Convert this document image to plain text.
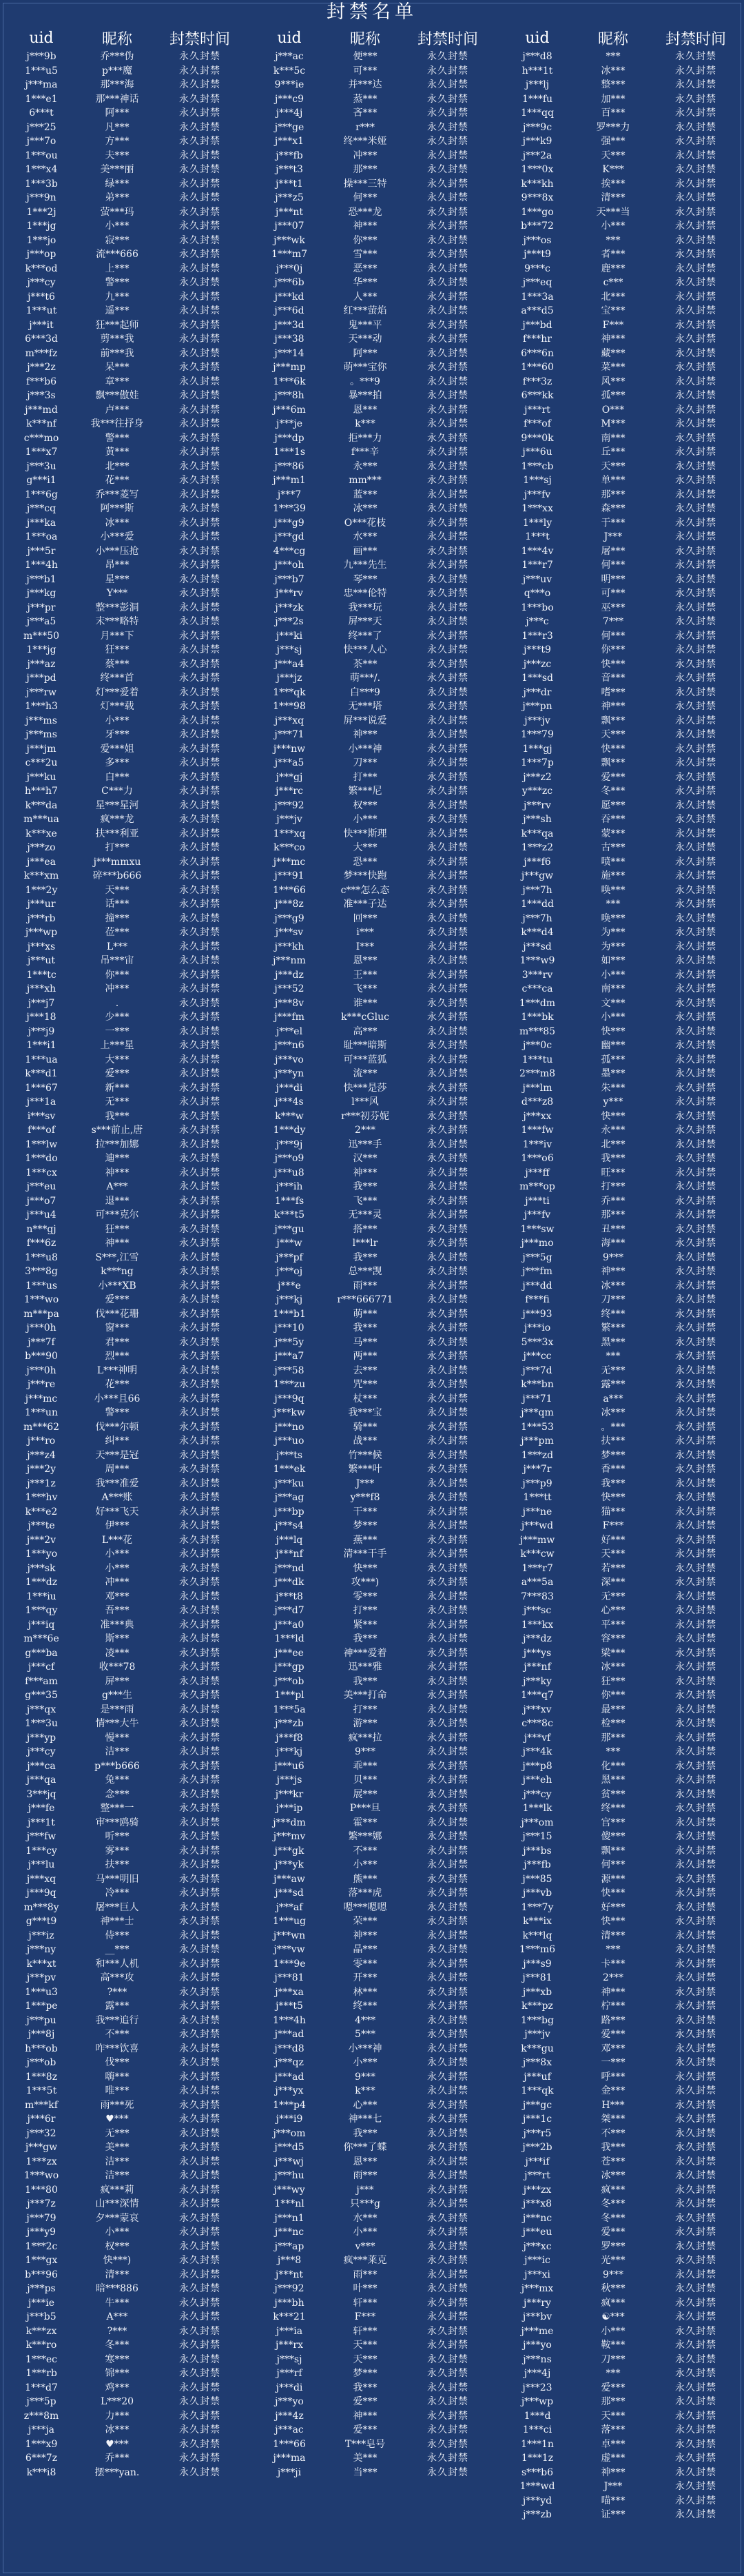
封禁名单
uid	昵称	封禁时间
j***9b	乔***伪	永久封禁
1***u5	p***魔	永久封禁
j***ma	那***海	永久封禁
1***e1	那***神话	永久封禁
6***t	阿***	永久封禁
j***25	凡***	永久封禁
j***7o	方***	永久封禁
1***ou	夫***	永久封禁
1***x4	美***丽	永久封禁
1***3b	绿***	永久封禁
j***9n	弟***	永久封禁
1***2j	萤***玛	永久封禁
1***jg	小***	永久封禁
1***jo	寂***	永久封禁
j***op	流***666	永久封禁
k***od	上***	永久封禁
j***cy	警***	永久封禁
j***t6	九***	永久封禁
1***ut	遥***	永久封禁
j***it	狂***起师	永久封禁
6***3d	剪***我	永久封禁
m***fz	前***我	永久封禁
j***2z	呆***	永久封禁
f***b6	章***	永久封禁
j***3s	飘***傲娃	永久封禁
j***md	卢***	永久封禁
k***nf	我***往抒身	永久封禁
c***mo	警***	永久封禁
1***x7	黄***	永久封禁
j***3u	北***	永久封禁
g***i1	花***	永久封禁
1***6g	乔***菱写	永久封禁
j***cq	阿***斯	永久封禁
j***ka	冰***	永久封禁
1***oa	小***爱	永久封禁
j***5r	小***压抢	永久封禁
1***4h	昂***	永久封禁
j***b1	星***	永久封禁
j***kg	Y***	永久封禁
j***pr	整***彭洞	永久封禁
j***a5	末***略特	永久封禁
m***50	月***下	永久封禁
1***jg	狂***	永久封禁
j***az	蔡***	永久封禁
j***pd	终***首	永久封禁
j***rw	灯***爱着	永久封禁
1***h3	灯***载	永久封禁
j***ms	小***	永久封禁
j***ms	牙***	永久封禁
j***jm	爱***姐	永久封禁
c***2u	多***	永久封禁
j***ku	白***	永久封禁
h***h7	C***力	永久封禁
k***da	星***星河	永久封禁
m***ua	疯***龙	永久封禁
k***xe	扶***利亚	永久封禁
j***zo	打***	永久封禁
j***ea	j***mmxu	永久封禁
k***xm	碎***b666	永久封禁
1***2y	天***	永久封禁
j***ur	话***	永久封禁
j***rb	撞***	永久封禁
j***wp	莅***	永久封禁
j***xs	L***	永久封禁
j***ut	吊***宙	永久封禁
1***tc	你***	永久封禁
j***xh	冲***	永久封禁
j***j7	.	永久封禁
j***18	少***	永久封禁
j***j9	一***	永久封禁
1***i1	上***星	永久封禁
1***ua	大***	永久封禁
k***d1	爱***	永久封禁
1***67	新***	永久封禁
j***1a	无***	永久封禁
i***sv	我***	永久封禁
f***of	s***前止,唐	永久封禁
1***lw	拉***加娜	永久封禁
1***do	迪***	永久封禁
1***cx	神***	永久封禁
j***eu	A***	永久封禁
j***o7	退***	永久封禁
j***u4	可***克尔	永久封禁
n***gj	狂***	永久封禁
f***6z	神***	永久封禁
1***u8	S***,江雪	永久封禁
3***8g	k***ng	永久封禁
1***us	小***XB	永久封禁
1***wo	爱***	永久封禁
m***pa	伐***花珊	永久封禁
j***0h	窗***	永久封禁
j***7f	君***	永久封禁
b***90	烈***	永久封禁
j***0h	L***神明	永久封禁
j***re	花***	永久封禁
j***mc	小***且66	永久封禁
1***un	警***	永久封禁
m***62	伐***尔顿	永久封禁
j***ro	纠***	永久封禁
j***z4	天***是冠	永久封禁
j***2y	周***	永久封禁
j***1z	我***准爱	永久封禁
1***hv	A***账	永久封禁
k***e2	好***飞天	永久封禁
j***te	伊***	永久封禁
j***2v	L***花	永久封禁
1***yo	小***	永久封禁
j***sk	小***	永久封禁
1***dz	冲***	永久封禁
1***iu	邓***	永久封禁
1***qy	吾***	永久封禁
j***iq	准***典	永久封禁
m***6e	斯***	永久封禁
g***ba	凌***	永久封禁
j***cf	收***78	永久封禁
f***am	屏***	永久封禁
g***35	g***生	永久封禁
j***qx	是***雨	永久封禁
1***3u	情***大牛	永久封禁
j***yp	慢***	永久封禁
j***cy	洁***	永久封禁
j***ca	p***b666	永久封禁
j***qa	兔***	永久封禁
3***jq	念***	永久封禁
j***fe	整***一	永久封禁
j***1t	审***鸥骑	永久封禁
j***fw	听***	永久封禁
1***cy	雾***	永久封禁
j***lu	扶***	永久封禁
j***xq	马***明旧	永久封禁
j***9q	冷***	永久封禁
m***8y	屠***巨人	永久封禁
g***t9	神***士	永久封禁
j***iz	侍***	永久封禁
j***ny	__***	永久封禁
k***xt	和***人机	永久封禁
j***pv	高***攻	永久封禁
1***u3	?***	永久封禁
1***pe	露***	永久封禁
j***pu	我***追行	永久封禁
j***8j	不***	永久封禁
h***ob	咋***饮喜	永久封禁
j***ob	伐***	永久封禁
1***8z	嗨***	永久封禁
1***5t	唯***	永久封禁
m***kf	雨***死	永久封禁
j***6r	♥***	永久封禁
j***32	无***	永久封禁
j***gw	美***	永久封禁
1***zx	洁***	永久封禁
1***wo	洁***	永久封禁
1***80	疯***莉	永久封禁
j***7z	山***深情	永久封禁
j***79	夕***蒙哀	永久封禁
j***y9	小***	永久封禁
1***2c	权***	永久封禁
1***gx	快***)	永久封禁
b***96	清***	永久封禁
j***ps	暗***886	永久封禁
j***ie	牛***	永久封禁
j***b5	A***	永久封禁
k***zx	?***	永久封禁
k***ro	冬***	永久封禁
1***ec	寒***	永久封禁
1***rb	锦***	永久封禁
1***d7	鸡***	永久封禁
j***5p	L***20	永久封禁
z***8m	力***	永久封禁
j***ja	冰***	永久封禁
1***x9	♥***	永久封禁
6***7z	乔***	永久封禁
k***i8	摆***yan.	永久封禁
uid	昵称	封禁时间
j***ac	便***	永久封禁
k***5c	可***	永久封禁
9***ie	并***达	永久封禁
j***c9	蒸***	永久封禁
j***4j	吝***	永久封禁
j***ge	r***	永久封禁
j***x1	终***米娅	永久封禁
j***fb	冲***	永久封禁
j***t3	那***	永久封禁
j***t1	操***三特	永久封禁
j***z5	何***	永久封禁
j***nt	恐***龙	永久封禁
j***07	神***	永久封禁
j***wk	你***	永久封禁
1***m7	雪***	永久封禁
j***0j	恶***	永久封禁
j***6b	华***	永久封禁
j***kd	人***	永久封禁
j***6d	红***萤焰	永久封禁
j***3d	鬼***平	永久封禁
j***38	天***动	永久封禁
j***14	阿***	永久封禁
j***mp	萌***宝你	永久封禁
1***6k	。***9	永久封禁
j***8h	暴***拍	永久封禁
j***6m	恩***	永久封禁
j***je	k***	永久封禁
j***dp	拒***力	永久封禁
1***1s	f***辛	永久封禁
j***86	永***	永久封禁
j***m1	mm***	永久封禁
j***7	蓝***	永久封禁
1***39	冰***	永久封禁
j***g9	O***花枝	永久封禁
j***gd	水***	永久封禁
4***cg	画***	永久封禁
j***oh	九***先生	永久封禁
j***b7	琴***	永久封禁
j***rv	忠***伦特	永久封禁
j***zk	我***玩	永久封禁
j***2s	屏***天	永久封禁
j***ki	终***了	永久封禁
j***sj	快***人心	永久封禁
j***a4	茶***	永久封禁
j***jz	萌***/.	永久封禁
1***qk	白***9	永久封禁
1***98	无***塔	永久封禁
j***xq	屏***说爱	永久封禁
j***71	神***	永久封禁
j***nw	小***神	永久封禁
j***a5	刀***	永久封禁
j***gj	打***	永久封禁
j***rc	繁***尼	永久封禁
j***92	权***	永久封禁
j***jv	小***	永久封禁
1***xq	快***斯理	永久封禁
k***co	大***	永久封禁
j***mc	恐***	永久封禁
j***91	梦***快跑	永久封禁
1***66	c***怎么态	永久封禁
j***8z	准***子达	永久封禁
j***g9	回***	永久封禁
j***sv	i***	永久封禁
j***kh	I***	永久封禁
j***nm	恩***	永久封禁
j***dz	王***	永久封禁
j***52	飞***	永久封禁
j***8v	谁***	永久封禁
j***fm	k***cGluc	永久封禁
j***el	高***	永久封禁
j***n6	耻***暗斯	永久封禁
j***vo	可***蓝狐	永久封禁
j***yn	流***	永久封禁
j***di	快***是莎	永久封禁
j***4s	l***风	永久封禁
k***w	r***初芬妮	永久封禁
1***dy	2***	永久封禁
j***9j	迅***手	永久封禁
j***o9	汉***	永久封禁
j***u8	神***	永久封禁
j***ih	我***	永久封禁
1***fs	飞***	永久封禁
k***t5	无***灵	永久封禁
j***gu	搭***	永久封禁
j***w	l***lr	永久封禁
j***pf	我***	永久封禁
j***oj	总***觊	永久封禁
j***e	雨***	永久封禁
j***kj	r***666771	永久封禁
1***b1	萌***	永久封禁
j***10	我***	永久封禁
j***5y	马***	永久封禁
j***a7	两***	永久封禁
j***58	去***	永久封禁
1***zu	咒***	永久封禁
j***9q	杖***	永久封禁
j***kw	我***宝	永久封禁
j***no	骑***	永久封禁
j***uo	战***	永久封禁
j***ts	竹***候	永久封禁
1***ek	繁***叶	永久封禁
j***ku	J***	永久封禁
j***ag	y***f8	永久封禁
j***bp	干***	永久封禁
j***s4	梦***	永久封禁
j***lq	燕***	永久封禁
j***nf	清***干手	永久封禁
j***nd	快***	永久封禁
j***dk	攻***)	永久封禁
j***t8	零***	永久封禁
j***d7	打***	永久封禁
j***a0	紧***	永久封禁
1***ld	我***	永久封禁
j***ee	神***爱着	永久封禁
j***gp	迅***雅	永久封禁
j***ob	我***	永久封禁
1***pl	美***打命	永久封禁
1***5a	打***	永久封禁
j***zb	游***	永久封禁
j***f8	疯***拉	永久封禁
j***kj	9***	永久封禁
j***u6	乖***	永久封禁
j***js	贝***	永久封禁
j***kr	展***	永久封禁
j***ip	P***旦	永久封禁
j***dm	霍***	永久封禁
j***mv	繁***娜	永久封禁
j***gk	不***	永久封禁
j***yk	小***	永久封禁
j***aw	熊***	永久封禁
j***sd	落***虎	永久封禁
j***af	嗯***嗯嗯	永久封禁
1***ug	荣***	永久封禁
j***wn	神***	永久封禁
j***vw	晶***	永久封禁
1***9e	零***	永久封禁
j***81	开***	永久封禁
j***xa	林***	永久封禁
j***t5	终***	永久封禁
1***4h	4***	永久封禁
j***ad	5***	永久封禁
j***d8	小***神	永久封禁
j***qz	小***	永久封禁
j***ad	9***	永久封禁
j***yx	k***	永久封禁
1***p4	心***	永久封禁
j***i9	神***七	永久封禁
j***om	我***	永久封禁
j***d5	你***了蝶	永久封禁
j***wj	恩***	永久封禁
j***hu	雨***	永久封禁
j***wy	j***	永久封禁
1***nl	只***g	永久封禁
j***n1	水***	永久封禁
j***nc	小***	永久封禁
j***ap	v***	永久封禁
j***8	疯***莱克	永久封禁
j***nt	雨***	永久封禁
j***92	叶***	永久封禁
j***bh	轩***	永久封禁
k***21	F***	永久封禁
j***ia	轩***	永久封禁
j***rx	天***	永久封禁
j***sj	天***	永久封禁
j***rf	梦***	永久封禁
j***di	我***	永久封禁
j***yo	爱***	永久封禁
j***4z	神***	永久封禁
j***ac	爱***	永久封禁
1***66	T***皂号	永久封禁
j***ma	美***	永久封禁
j***ji	当***	永久封禁
uid	昵称	封禁时间
j***d8	***	永久封禁
h***1t	冰***	永久封禁
j***lj	整***	永久封禁
1***fu	加***	永久封禁
1***qq	百***	永久封禁
j***9c	罗***力	永久封禁
j***k9	强***	永久封禁
j***2a	天***	永久封禁
1***0x	K***	永久封禁
k***kh	挨***	永久封禁
9***8x	清***	永久封禁
1***go	天***当	永久封禁
b***72	小***	永久封禁
j***os	***	永久封禁
j***t9	者***	永久封禁
9***c	鹿***	永久封禁
j***eq	c***	永久封禁
1***3a	北***	永久封禁
a***d5	宝***	永久封禁
j***bd	F***	永久封禁
f***hr	神***	永久封禁
6***6n	藏***	永久封禁
1***60	菜***	永久封禁
f***3z	风***	永久封禁
6***kk	孤***	永久封禁
j***rt	O***	永久封禁
f***of	M***	永久封禁
9***0k	南***	永久封禁
j***6u	丘***	永久封禁
1***cb	天***	永久封禁
1***sj	单***	永久封禁
j***fv	那***	永久封禁
1***xx	森***	永久封禁
1***ly	于***	永久封禁
1***t	J***	永久封禁
1***4v	屠***	永久封禁
1***r7	何***	永久封禁
j***uv	明***	永久封禁
q***o	可***	永久封禁
1***bo	巫***	永久封禁
j***c	7***	永久封禁
1***r3	何***	永久封禁
j***t9	你***	永久封禁
j***zc	快***	永久封禁
1***sd	音***	永久封禁
j***dr	嗜***	永久封禁
j***pn	神***	永久封禁
j***jv	飘***	永久封禁
1***79	天***	永久封禁
1***gj	快***	永久封禁
1***7p	飘***	永久封禁
j***z2	爱***	永久封禁
y***zc	冬***	永久封禁
j***rv	愿***	永久封禁
j***sh	吞***	永久封禁
k***qa	蒙***	永久封禁
1***z2	古***	永久封禁
j***f6	喷***	永久封禁
j***gw	施***	永久封禁
j***7h	唤***	永久封禁
1***dd	***	永久封禁
j***7h	唤***	永久封禁
k***d4	为***	永久封禁
j***sd	为***	永久封禁
1***w9	如***	永久封禁
3***rv	小***	永久封禁
c***ca	南***	永久封禁
1***dm	文***	永久封禁
1***bk	小***	永久封禁
m***85	快***	永久封禁
j***0c	幽***	永久封禁
1***tu	孤***	永久封禁
2***m8	墨***	永久封禁
j***lm	朱***	永久封禁
d***z8	y***	永久封禁
j***xx	快***	永久封禁
1***fw	永***	永久封禁
1***iv	北***	永久封禁
1***o6	我***	永久封禁
j***ff	旺***	永久封禁
m***op	打***	永久封禁
j***ti	乔***	永久封禁
j***fv	那***	永久封禁
1***sw	丑***	永久封禁
j***mo	海***	永久封禁
j***5g	9***	永久封禁
j***fm	神***	永久封禁
j***dd	冰***	永久封禁
f***fi	刀***	永久封禁
j***93	终***	永久封禁
j***io	繁***	永久封禁
5***3x	黑***	永久封禁
j***cc	***	永久封禁
j***7d	无***	永久封禁
k***bn	露***	永久封禁
j***71	a***	永久封禁
j***qm	冰***	永久封禁
1***53	。***	永久封禁
j***pm	扶***	永久封禁
1***zd	梦***	永久封禁
j***7r	香***	永久封禁
j***p9	我***	永久封禁
1***tt	快***	永久封禁
j***ne	猫***	永久封禁
j***wd	F***	永久封禁
j***mw	好***	永久封禁
k***cw	天***	永久封禁
1***r7	若***	永久封禁
a***5a	深***	永久封禁
7***83	无***	永久封禁
j***sc	心***	永久封禁
1***kx	平***	永久封禁
j***dz	容***	永久封禁
j***ys	梁***	永久封禁
j***nf	冰***	永久封禁
j***ky	狂***	永久封禁
1***q7	你***	永久封禁
j***xv	最***	永久封禁
c***8c	检***	永久封禁
j***vf	那***	永久封禁
j***4k	***	永久封禁
j***p8	化***	永久封禁
j***eh	黑***	永久封禁
j***cy	贫***	永久封禁
1***lk	终***	永久封禁
j***om	宫***	永久封禁
j***15	傻***	永久封禁
j***bs	飘***	永久封禁
j***fb	何***	永久封禁
j***85	源***	永久封禁
j***vb	快***	永久封禁
1***7y	好***	永久封禁
k***ix	快***	永久封禁
k***lq	清***	永久封禁
1***m6	***	永久封禁
j***s9	卡***	永久封禁
j***81	2***	永久封禁
j***xb	神***	永久封禁
k***pz	柠***	永久封禁
1***bg	路***	永久封禁
j***jv	爱***	永久封禁
k***gu	邓***	永久封禁
j***8x	一***	永久封禁
j***uf	呼***	永久封禁
1***qk	金***	永久封禁
j***gc	H***	永久封禁
j***1c	桀***	永久封禁
j***r5	不***	永久封禁
j***2b	我***	永久封禁
j***if	苍***	永久封禁
j***rt	冰***	永久封禁
j***zx	疯***	永久封禁
j***x8	冬***	永久封禁
j***nc	冬***	永久封禁
j***eu	爱***	永久封禁
j***xc	罗***	永久封禁
j***ic	光***	永久封禁
j***xi	9***	永久封禁
j***mx	秋***	永久封禁
j***ry	疯***	永久封禁
j***bv	☯***	永久封禁
j***me	小***	永久封禁
j***yo	鞍***	永久封禁
j***ns	刀***	永久封禁
j***4j	***	永久封禁
j***23	爱***	永久封禁
j***wp	那***	永久封禁
1***d	天***	永久封禁
1***ci	落***	永久封禁
1***1n	卓***	永久封禁
1***1z	虚***	永久封禁
s***b6	神***	永久封禁
1***wd	J***	永久封禁
j***yd	喵***	永久封禁
j***zb	证***	永久封禁
